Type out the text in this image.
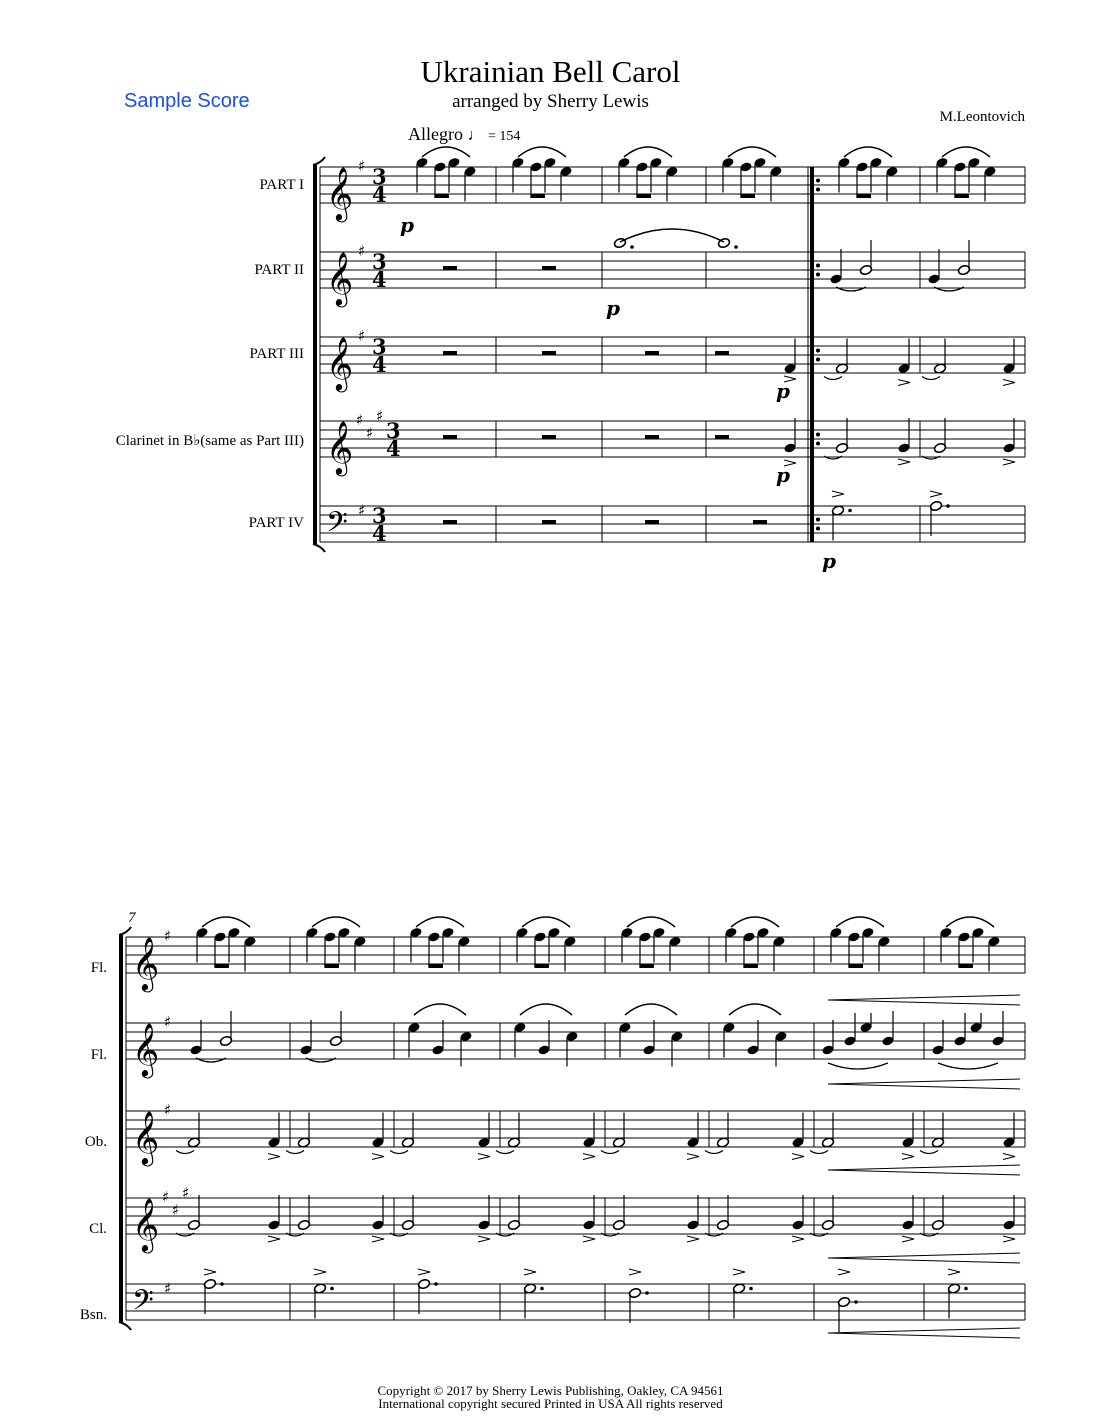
Ukrainian Bell Carol
arranged by Sherry Lewis
Sample Score
M.Leontovich
Allegro ♩ = 154
PART I
PART II
PART III
Clarinet in B♭(same as Part III)
PART IV
7
Fl.
Fl.
Ob.
Cl.
Bsn.
𝄞 ♯ 3
4
𝄞 ♯ 3
4
𝄞 ♯ 3
4
𝄞 ♯
♯
♯
3
4
𝄢 ♯ 3
4
p
p
p
p
p
𝄞 ♯
𝄞 ♯
𝄞 ♯
𝄞 ♯
♯
♯
𝄢 ♯
Copyright © 2017 by Sherry Lewis Publishing, Oakley, CA 94561
International copyright secured Printed in USA All rights reserved
